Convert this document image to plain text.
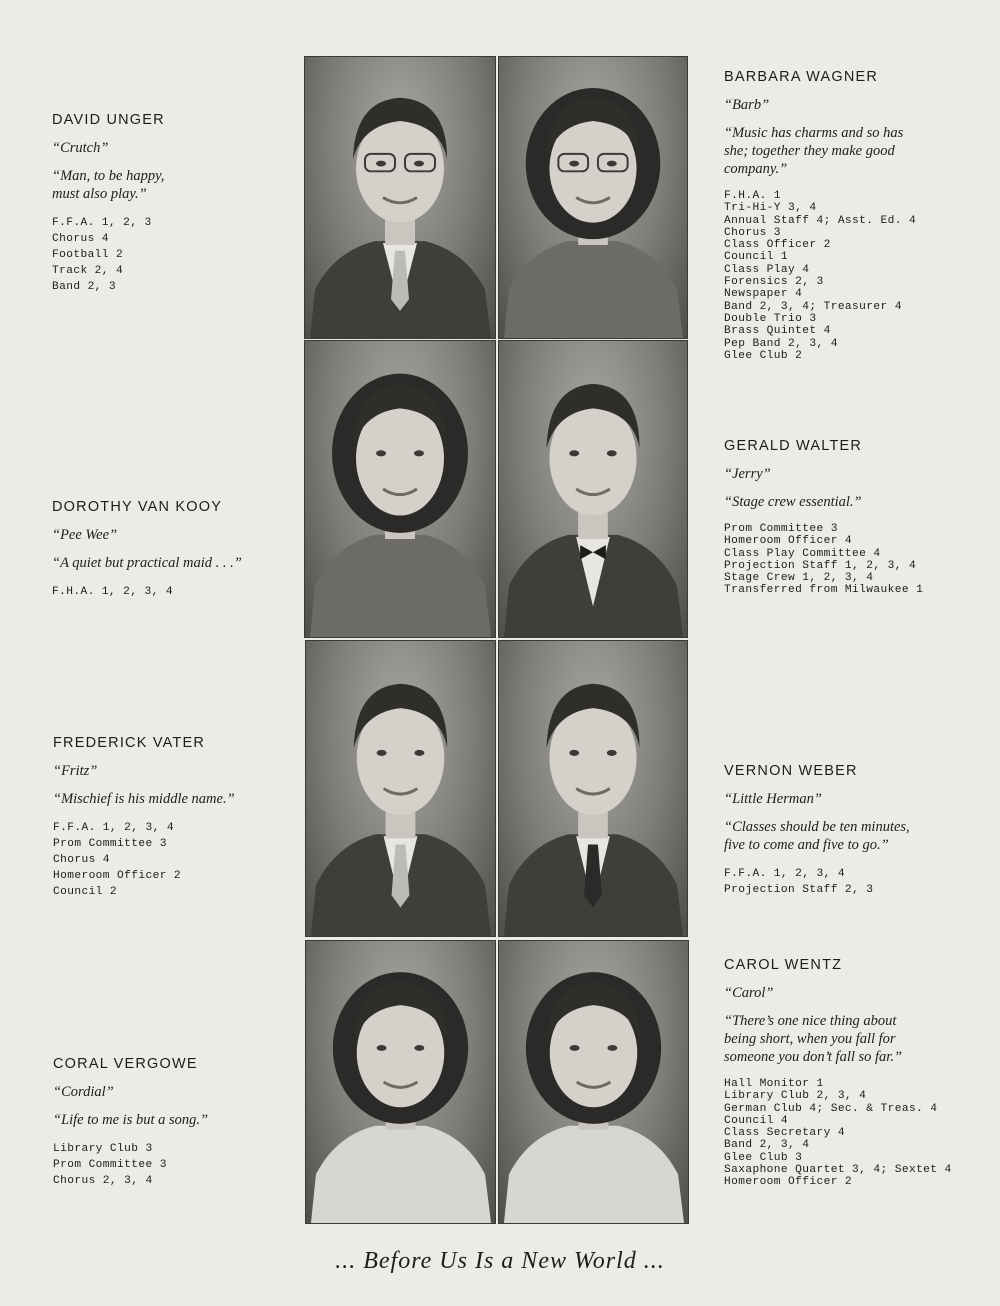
DAVID UNGER
“Crutch”
“Man, to be happy,
must also play.”
F.F.A. 1, 2, 3
Chorus 4
Football 2
Track 2, 4
Band 2, 3
DOROTHY VAN KOOY
“Pee Wee”
“A quiet but practical maid . . .”
F.H.A. 1, 2, 3, 4
FREDERICK VATER
“Fritz”
“Mischief is his middle name.”
F.F.A. 1, 2, 3, 4
Prom Committee 3
Chorus 4
Homeroom Officer 2
Council 2
CORAL VERGOWE
“Cordial”
“Life to me is but a song.”
Library Club 3
Prom Committee 3
Chorus 2, 3, 4
BARBARA WAGNER
“Barb”
“Music has charms and so has
she; together they make good
company.”
F.H.A. 1
Tri-Hi-Y 3, 4
Annual Staff 4; Asst. Ed. 4
Chorus 3
Class Officer 2
Council 1
Class Play 4
Forensics 2, 3
Newspaper 4
Band 2, 3, 4; Treasurer 4
Double Trio 3
Brass Quintet 4
Pep Band 2, 3, 4
Glee Club 2
GERALD WALTER
“Jerry”
“Stage crew essential.”
Prom Committee 3
Homeroom Officer 4
Class Play Committee 4
Projection Staff 1, 2, 3, 4
Stage Crew 1, 2, 3, 4
Transferred from Milwaukee 1
VERNON WEBER
“Little Herman”
“Classes should be ten minutes,
five to come and five to go.”
F.F.A. 1, 2, 3, 4
Projection Staff 2, 3
CAROL WENTZ
“Carol”
“There’s one nice thing about
being short, when you fall for
someone you don’t fall so far.”
Hall Monitor 1
Library Club 2, 3, 4
German Club 4; Sec. & Treas. 4
Council 4
Class Secretary 4
Band 2, 3, 4
Glee Club 3
Saxaphone Quartet 3, 4; Sextet 4
Homeroom Officer 2
... Before Us Is a New World ...
